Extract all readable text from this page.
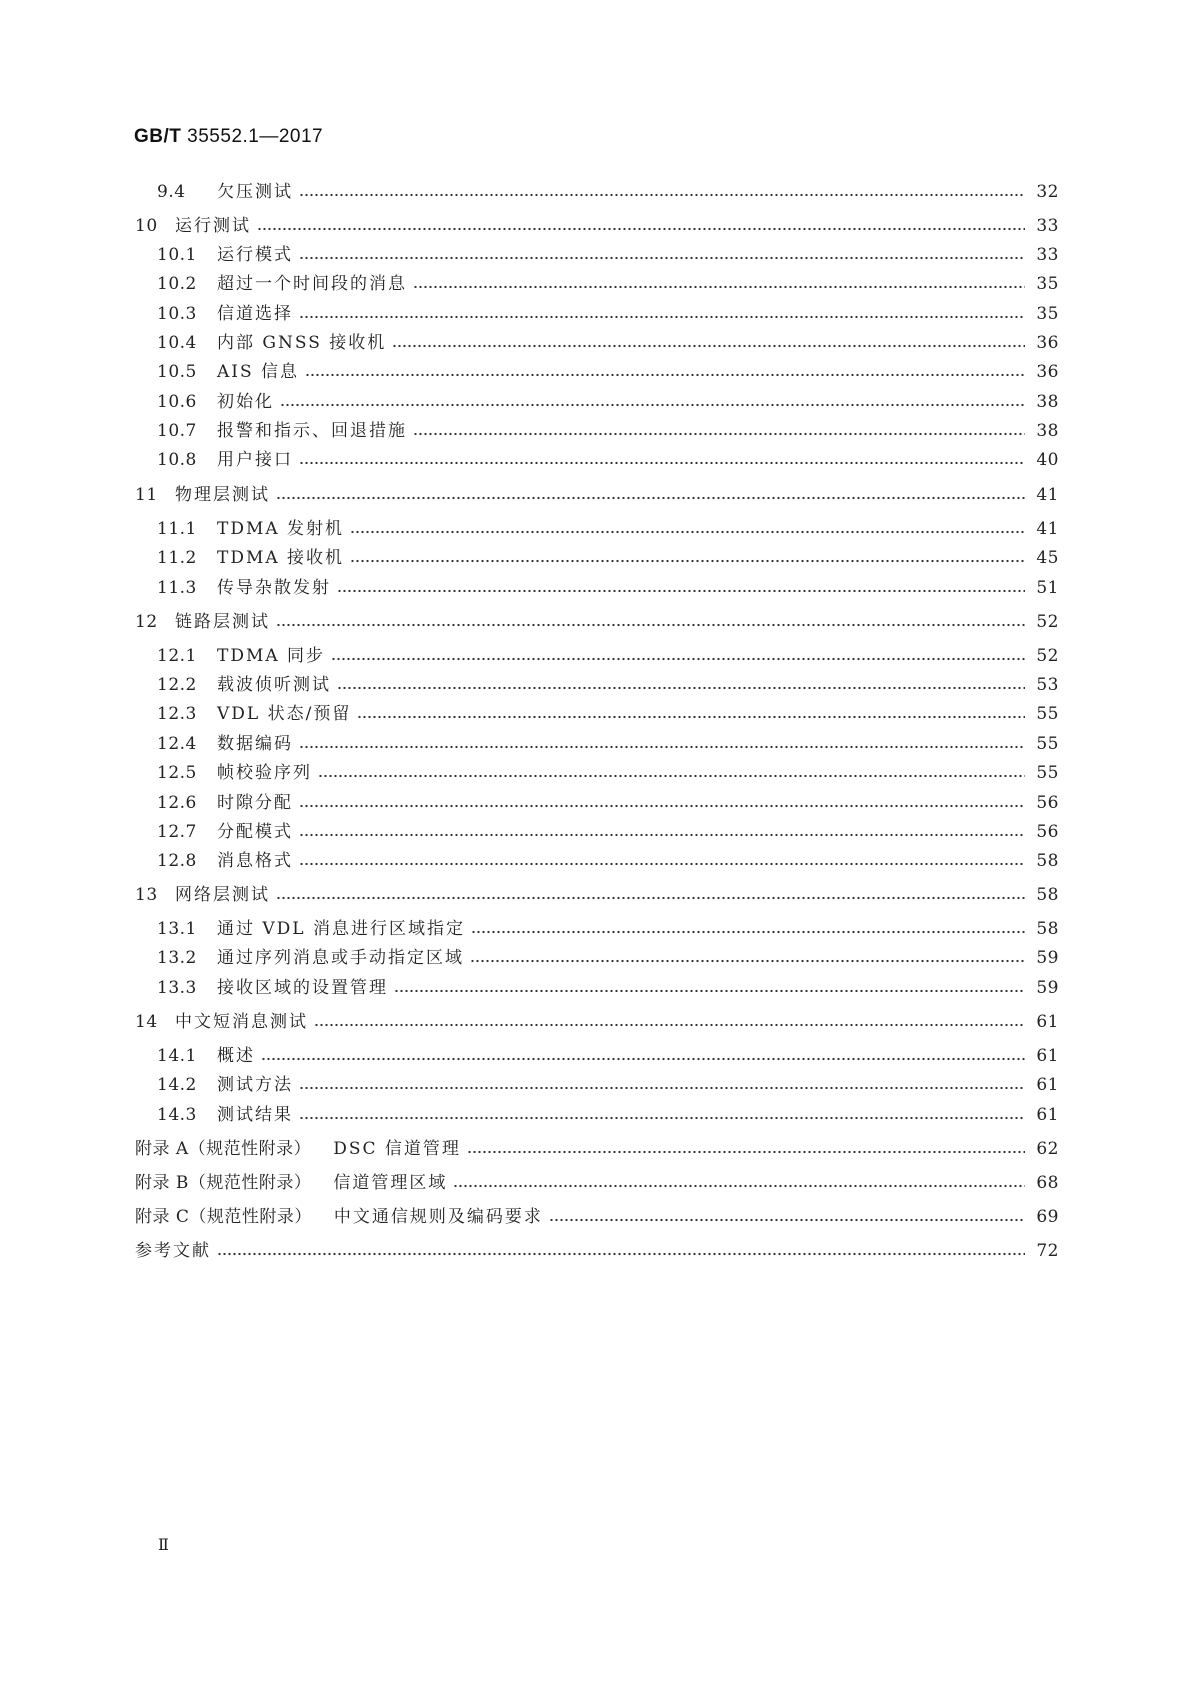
GB/T 35552.1—2017
9.4	欠压测试	32
10	运行测试	33
10.1	运行模式	33
10.2	超过一个时间段的消息	35
10.3	信道选择	35
10.4	内部 GNSS 接收机	36
10.5	AIS 信息	36
10.6	初始化	38
10.7	报警和指示、回退措施	38
10.8	用户接口	40
11	物理层测试	41
11.1	TDMA 发射机	41
11.2	TDMA 接收机	45
11.3	传导杂散发射	51
12	链路层测试	52
12.1	TDMA 同步	52
12.2	载波侦听测试	53
12.3	VDL 状态/预留	55
12.4	数据编码	55
12.5	帧校验序列	55
12.6	时隙分配	56
12.7	分配模式	56
12.8	消息格式	58
13	网络层测试	58
13.1	通过 VDL 消息进行区域指定	58
13.2	通过序列消息或手动指定区域	59
13.3	接收区域的设置管理	59
14	中文短消息测试	61
14.1	概述	61
14.2	测试方法	61
14.3	测试结果	61
附录 A（规范性附录）	DSC 信道管理	62
附录 B（规范性附录）	信道管理区域	68
附录 C（规范性附录）	中文通信规则及编码要求	69
参考文献	72
Ⅱ
